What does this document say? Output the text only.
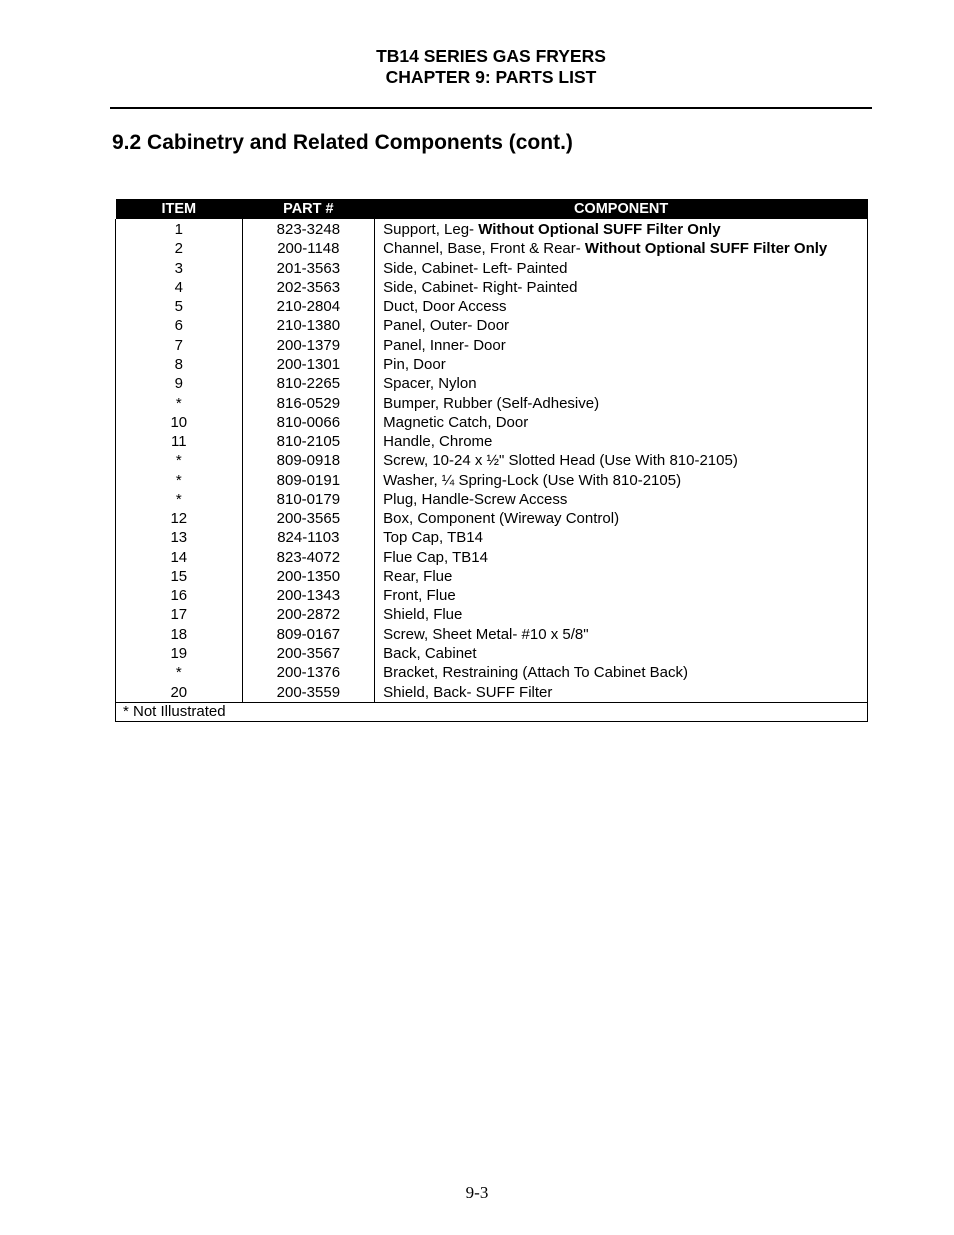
TB14 SERIES GAS FRYERS
CHAPTER 9: PARTS LIST
9.2 Cabinetry and Related Components (cont.)
ITEM	PART #	COMPONENT
1	823-3248	Support, Leg- Without Optional SUFF Filter Only
2	200-1148	Channel, Base, Front & Rear- Without Optional SUFF Filter Only
3	201-3563	Side, Cabinet- Left- Painted
4	202-3563	Side, Cabinet- Right- Painted
5	210-2804	Duct, Door Access
6	210-1380	Panel, Outer- Door
7	200-1379	Panel, Inner- Door
8	200-1301	Pin, Door
9	810-2265	Spacer, Nylon
*	816-0529	Bumper, Rubber (Self-Adhesive)
10	810-0066	Magnetic Catch, Door
11	810-2105	Handle, Chrome
*	809-0918	Screw, 10-24 x ½" Slotted Head (Use With 810-2105)
*	809-0191	Washer, ¼ Spring-Lock (Use With 810-2105)
*	810-0179	Plug, Handle-Screw Access
12	200-3565	Box, Component (Wireway Control)
13	824-1103	Top Cap, TB14
14	823-4072	Flue Cap, TB14
15	200-1350	Rear, Flue
16	200-1343	Front, Flue
17	200-2872	Shield, Flue
18	809-0167	Screw, Sheet Metal- #10 x 5/8"
19	200-3567	Back, Cabinet
*	200-1376	Bracket, Restraining (Attach To Cabinet Back)
20	200-3559	Shield, Back- SUFF Filter
* Not Illustrated		
9-3
